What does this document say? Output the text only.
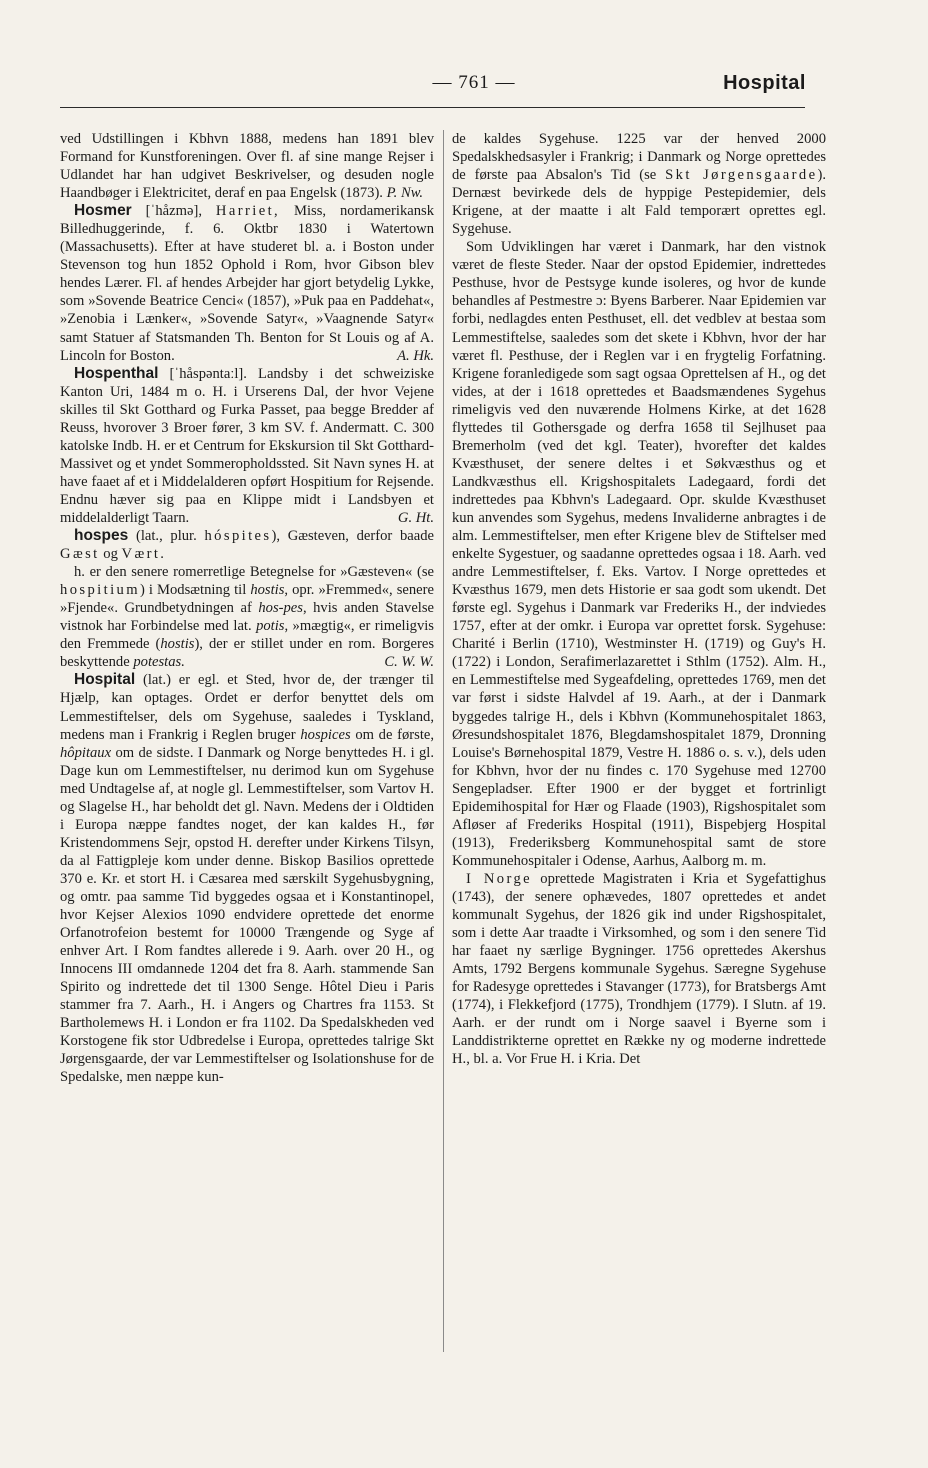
— 761 —	Hospital

ved Udstillingen i Kbhvn 1888, medens han 1891 blev Formand for Kunstforeningen. Over fl. af sine mange Rejser i Udlandet har han udgivet Beskrivelser, og desuden nogle Haandbøger i Elektricitet, deraf en paa Engelsk (1873). P. Nw.

Hosmer [ˈhåzmə], Harriet, Miss, nordamerikansk Billedhuggerinde, f. 6. Oktbr 1830 i Watertown (Massachusetts). Efter at have studeret bl. a. i Boston under Stevenson tog hun 1852 Ophold i Rom, hvor Gibson blev hendes Lærer. Fl. af hendes Arbejder har gjort betydelig Lykke, som »Sovende Beatrice Cenci« (1857), »Puk paa en Paddehat«, »Zenobia i Lænker«, »Sovende Satyr«, »Vaagnende Satyr« samt Statuer af Statsmanden Th. Benton for St Louis og af A. Lincoln for Boston.	A. Hk.

Hospenthal [ˈhåspəntaːl]. Landsby i det schweiziske Kanton Uri, 1484 m o. H. i Urserens Dal, der hvor Vejene skilles til Skt Gotthard og Furka Passet, paa begge Bredder af Reuss, hvorover 3 Broer fører, 3 km SV. f. Andermatt. C. 300 katolske Indb. H. er et Centrum for Ekskursion til Skt Gotthard-Massivet og et yndet Sommeropholdssted. Sit Navn synes H. at have faaet af et i Middelalderen opført Hospitium for Rejsende. Endnu hæver sig paa en Klippe midt i Landsbyen et middelalderligt Taarn.	G. Ht.

hospes (lat., plur. hóspites), Gæsteven, derfor baade Gæst og Vært.

h. er den senere romerretlige Betegnelse for »Gæsteven« (se hospitium) i Modsætning til hostis, opr. »Fremmed«, senere »Fjende«. Grundbetydningen af hos-pes, hvis anden Stavelse vistnok har Forbindelse med lat. potis, »mægtig«, er rimeligvis den Fremmede (hostis), der er stillet under en rom. Borgeres beskyttende potestas.	C. W. W.

Hospital (lat.) er egl. et Sted, hvor de, der trænger til Hjælp, kan optages. Ordet er derfor benyttet dels om Lemmestiftelser, dels om Sygehuse, saaledes i Tyskland, medens man i Frankrig i Reglen bruger hospices om de første, hôpitaux om de sidste. I Danmark og Norge benyttedes H. i gl. Dage kun om Lemmestiftelser, nu derimod kun om Sygehuse med Undtagelse af, at nogle gl. Lemmestiftelser, som Vartov H. og Slagelse H., har beholdt det gl. Navn. Medens der i Oldtiden i Europa næppe fandtes noget, der kan kaldes H., før Kristendommens Sejr, opstod H. derefter under Kirkens Tilsyn, da al Fattigpleje kom under denne. Biskop Basilios oprettede 370 e. Kr. et stort H. i Cæsarea med særskilt Sygehusbygning, og omtr. paa samme Tid byggedes ogsaa et i Konstantinopel, hvor Kejser Alexios 1090 endvidere oprettede det enorme Orfanotrofeion bestemt for 10000 Trængende og Syge af enhver Art. I Rom fandtes allerede i 9. Aarh. over 20 H., og Innocens III omdannede 1204 det fra 8. Aarh. stammende San Spirito og indrettede det til 1300 Senge. Hôtel Dieu i Paris stammer fra 7. Aarh., H. i Angers og Chartres fra 1153. St Bartholemews H. i London er fra 1102. Da Spedalskheden ved Korstogene fik stor Udbredelse i Europa, oprettedes talrige Skt Jørgensgaarde, der var Lemmestiftelser og Isolationshuse for de Spedalske, men næppe kun-

de kaldes Sygehuse. 1225 var der henved 2000 Spedalskhedsasyler i Frankrig; i Danmark og Norge oprettedes de første paa Absalon's Tid (se Skt Jørgensgaarde). Dernæst bevirkede dels de hyppige Pestepidemier, dels Krigene, at der maatte i alt Fald temporært oprettes egl. Sygehuse.

Som Udviklingen har været i Danmark, har den vistnok været de fleste Steder. Naar der opstod Epidemier, indrettedes Pesthuse, hvor de Pestsyge kunde isoleres, og hvor de kunde behandles af Pestmestre ɔ: Byens Barberer. Naar Epidemien var forbi, nedlagdes enten Pesthuset, ell. det vedblev at bestaa som Lemmestiftelse, saaledes som det skete i Kbhvn, hvor der har været fl. Pesthuse, der i Reglen var i en frygtelig Forfatning. Krigene foranledigede som sagt ogsaa Oprettelsen af H., og det vides, at der i 1618 oprettedes et Baadsmændenes Sygehus rimeligvis ved den nuværende Holmens Kirke, at det 1628 flyttedes til Gothersgade og derfra 1658 til Sejlhuset paa Bremerholm (ved det kgl. Teater), hvorefter det kaldes Kvæsthuset, der senere deltes i et Søkvæsthus og et Landkvæsthus ell. Krigshospitalets Ladegaard, fordi det indrettedes paa Kbhvn's Ladegaard. Opr. skulde Kvæsthuset kun anvendes som Sygehus, medens Invaliderne anbragtes i de alm. Lemmestiftelser, men efter Krigene blev de Stiftelser med enkelte Sygestuer, og saadanne oprettedes ogsaa i 18. Aarh. ved andre Lemmestiftelser, f. Eks. Vartov. I Norge oprettedes et Kvæsthus 1679, men dets Historie er saa godt som ukendt. Det første egl. Sygehus i Danmark var Frederiks H., der indviedes 1757, efter at der omkr. i Europa var oprettet forsk. Sygehuse: Charité i Berlin (1710), Westminster H. (1719) og Guy's H. (1722) i London, Serafimerlazarettet i Sthlm (1752). Alm. H., en Lemmestiftelse med Sygeafdeling, oprettedes 1769, men det var først i sidste Halvdel af 19. Aarh., at der i Danmark byggedes talrige H., dels i Kbhvn (Kommunehospitalet 1863, Øresundshospitalet 1876, Blegdamshospitalet 1879, Dronning Louise's Børnehospital 1879, Vestre H. 1886 o. s. v.), dels uden for Kbhvn, hvor der nu findes c. 170 Sygehuse med 12700 Sengepladser. Efter 1900 er der bygget et fortrinligt Epidemihospital for Hær og Flaade (1903), Rigshospitalet som Afløser af Frederiks Hospital (1911), Bispebjerg Hospital (1913), Frederiksberg Kommunehospital samt de store Kommunehospitaler i Odense, Aarhus, Aalborg m. m.

I Norge oprettede Magistraten i Kria et Sygefattighus (1743), der senere ophævedes, 1807 oprettedes et andet kommunalt Sygehus, der 1826 gik ind under Rigshospitalet, som i dette Aar traadte i Virksomhed, og som i den senere Tid har faaet ny særlige Bygninger. 1756 oprettedes Akershus Amts, 1792 Bergens kommunale Sygehus. Særegne Sygehuse for Radesyge oprettedes i Stavanger (1773), for Bratsbergs Amt (1774), i Flekkefjord (1775), Trondhjem (1779). I Slutn. af 19. Aarh. er der rundt om i Norge saavel i Byerne som i Landdistrikterne oprettet en Række ny og moderne indrettede H., bl. a. Vor Frue H. i Kria. Det
